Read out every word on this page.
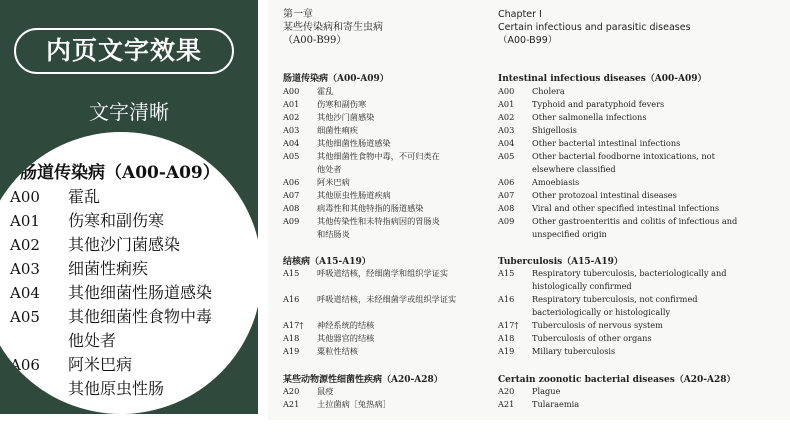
内页文字效果
文字清晰
肠道传染病（A00-A09）
A00 霍乱
A01 伤寒和副伤寒
A02 其他沙门菌感染
A03 细菌性痢疾
A04 其他细菌性肠道感染
A05 其他细菌性食物中毒
他处者
A06 阿米巴病
其他原虫性肠
第一章
某些传染病和寄生虫病
（A00-B99）
肠道传染病（A00-A09）
A00 霍乱
A01 伤寒和副伤寒
A02 其他沙门菌感染
A03 细菌性痢疾
A04 其他细菌性肠道感染
A05 其他细菌性食物中毒，不可归类在
他处者
A06 阿米巴病
A07 其他原虫性肠道疾病
A08 病毒性和其他特指的肠道感染
A09 其他传染性和未特指病因的胃肠炎
和结肠炎
结核病（A15-A19）
A15 呼吸道结核，经细菌学和组织学证实
A16 呼吸道结核，未经细菌学或组织学证实
A17† 神经系统的结核
A18 其他器官的结核
A19 粟粒性结核
某些动物源性细菌性疾病（A20-A28）
A20 鼠疫
A21 土拉菌病［兔热病］
Chapter Ⅰ
Certain infectious and parasitic diseases
（A00-B99）
Intestinal infectious diseases（A00-A09）
A00 Cholera
A01 Typhoid and paratyphoid fevers
A02 Other salmonella infections
A03 Shigellosis
A04 Other bacterial intestinal infections
A05 Other bacterial foodborne intoxications, not
elsewhere classified
A06 Amoebiasis
A07 Other protozoal intestinal diseases
A08 Viral and other specified intestinal infections
A09 Other gastroenteritis and colitis of infectious and
unspecified origin
Tuberculosis（A15-A19）
A15 Respiratory tuberculosis, bacteriologically and
histologically confirmed
A16 Respiratory tuberculosis, not confirmed
bacteriologically or histologically
A17† Tuberculosis of nervous system
A18 Tuberculosis of other organs
A19 Miliary tuberculosis
Certain zoonotic bacterial diseases（A20-A28）
A20 Plague
A21 Tularaemia
